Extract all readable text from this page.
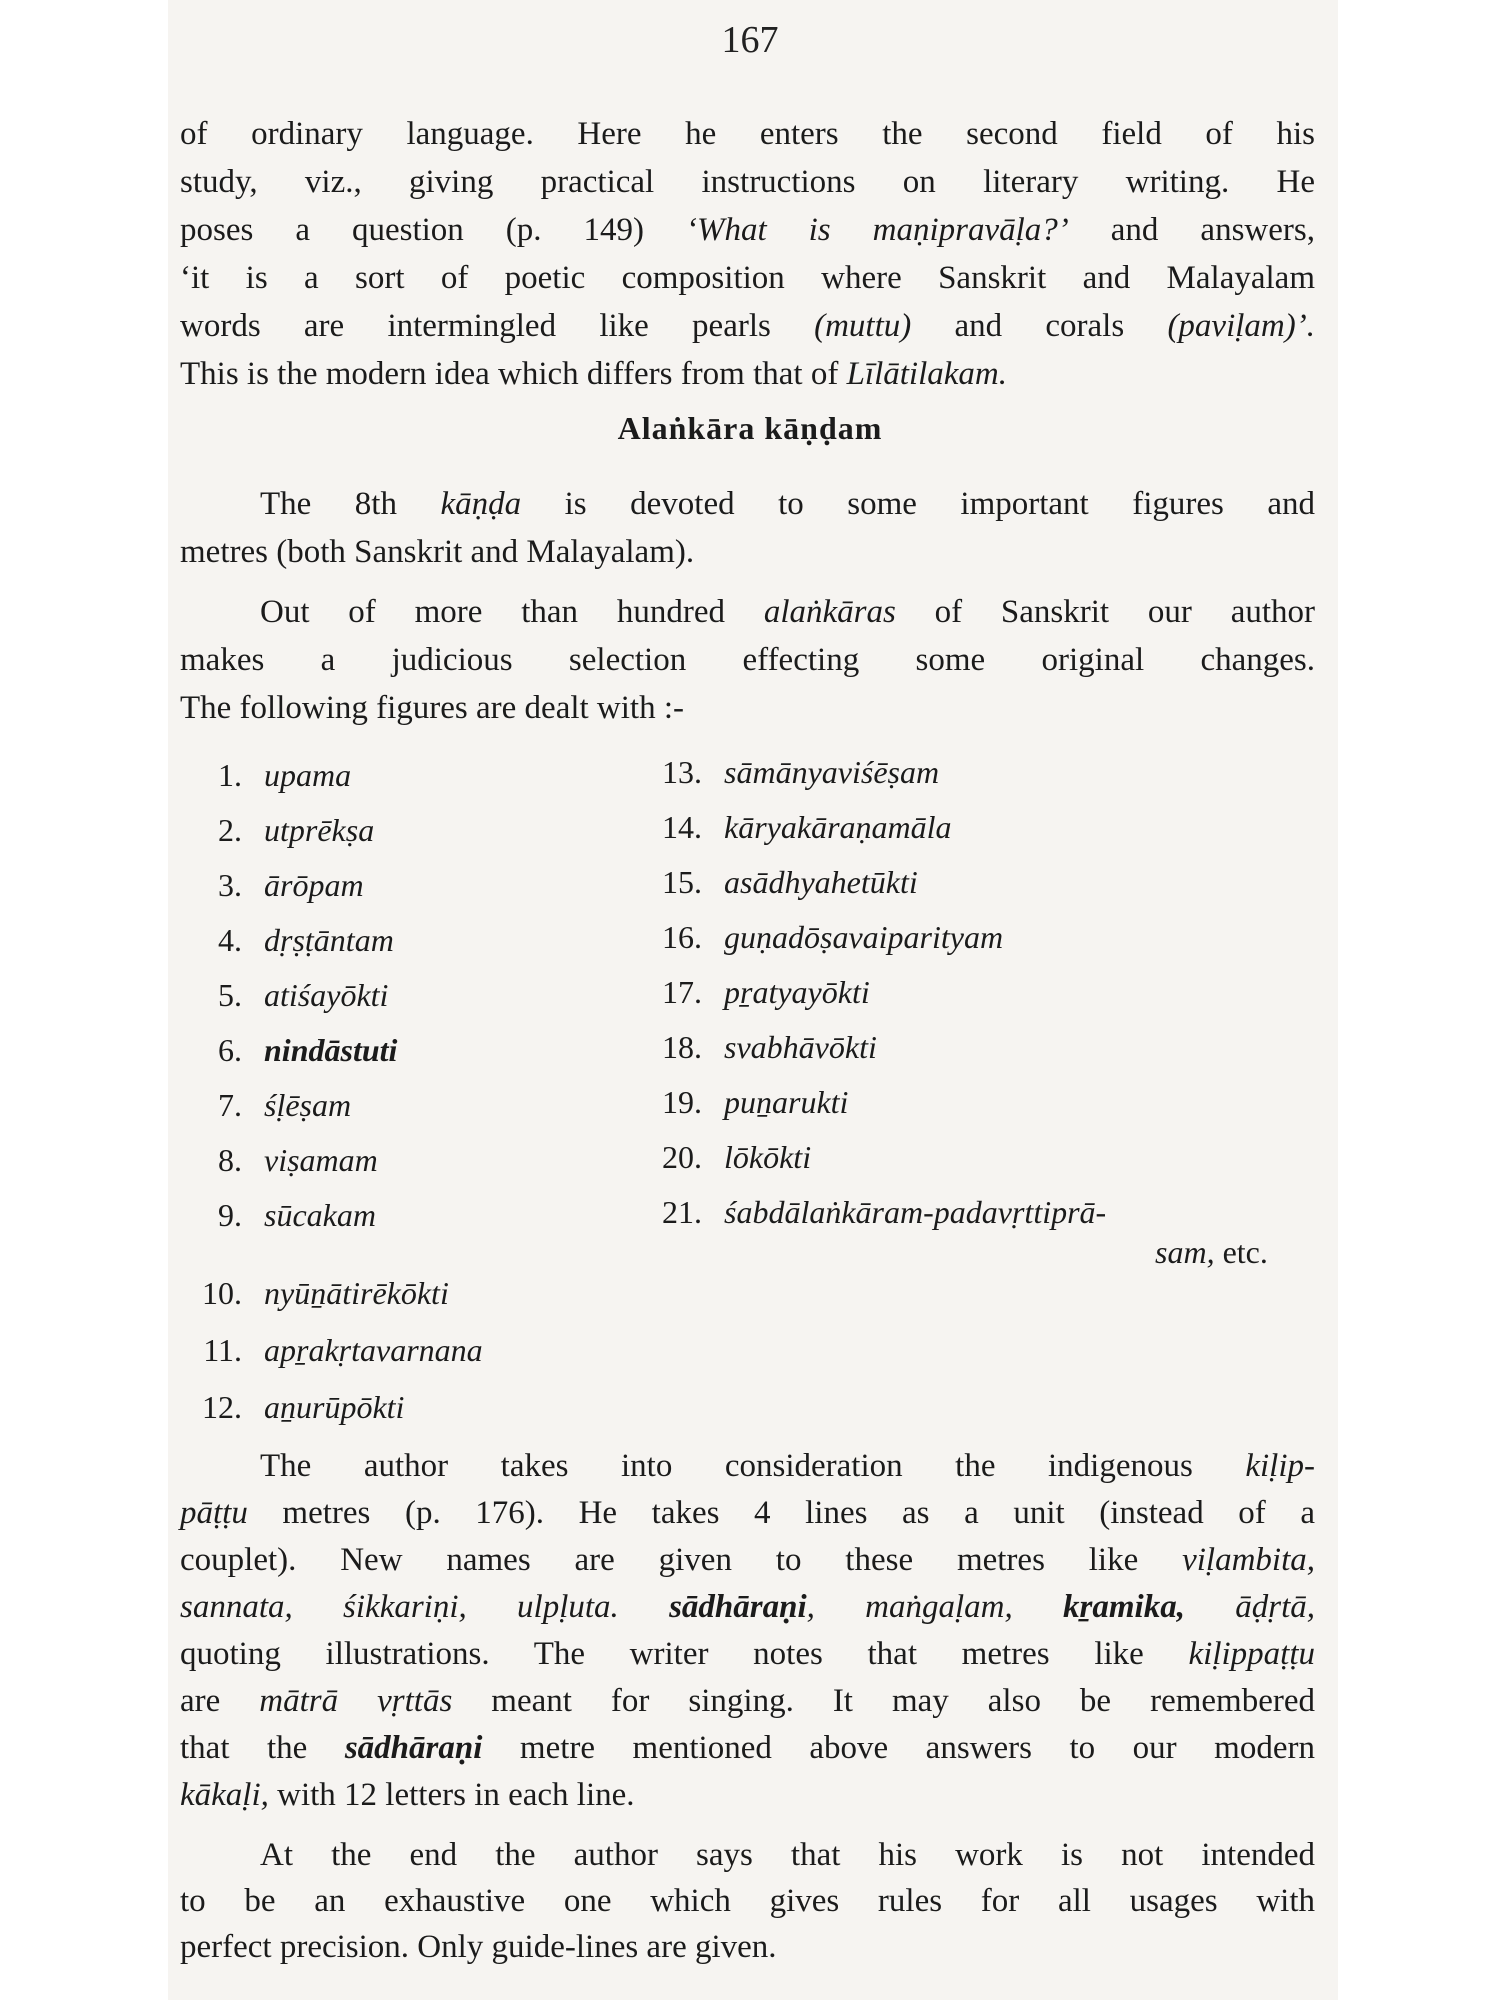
167
of ordinary language. Here he enters the second field of his
study, viz., giving practical instructions on literary writing. He
poses a question (p. 149) ‘What is maṇipravāḷa?’ and answers,
‘it is a sort of poetic composition where Sanskrit and Malayalam
words are intermingled like pearls (muttu) and corals (paviḷam)’.
This is the modern idea which differs from that of Līlātilakam.
Alaṅkāra kāṇḍam
The 8th kāṇḍa is devoted to some important figures and
metres (both Sanskrit and Malayalam).
Out of more than hundred alaṅkāras of Sanskrit our author
makes a judicious selection effecting some original changes.
The following figures are dealt with :-
1. upama
2. utprēkṣa
3. ārōpam
4. dṛṣṭāntam
5. atiśayōkti
6. nindāstuti
7. śḷēṣam
8. viṣamam
9. sūcakam
10. nyūṉātirēkōkti
11. apṟakṛtavarnana
12. aṉurūpōkti
13. sāmānyaviśēṣam
14. kāryakāraṇamāla
15. asādhyahetūkti
16. guṇadōṣavaiparityam
17. pṟatyayōkti
18. svabhāvōkti
19. puṉarukti
20. lōkōkti
21. śabdālaṅkāram-padavṛttiprā-
sam, etc.
The author takes into consideration the indigenous kiḷip-
pāṭṭu metres (p. 176). He takes 4 lines as a unit (instead of a
couplet). New names are given to these metres like viḷambita,
sannata, śikkariṇi, ulpḷuta. sādhāraṇi, maṅgaḷam, kṟamika, āḍṛtā,
quoting illustrations. The writer notes that metres like kiḷippaṭṭu
are mātrā vṛttās meant for singing. It may also be remembered
that the sādhāraṇi metre mentioned above answers to our modern
kākaḷi, with 12 letters in each line.
At the end the author says that his work is not intended
to be an exhaustive one which gives rules for all usages with
perfect precision. Only guide-lines are given.
